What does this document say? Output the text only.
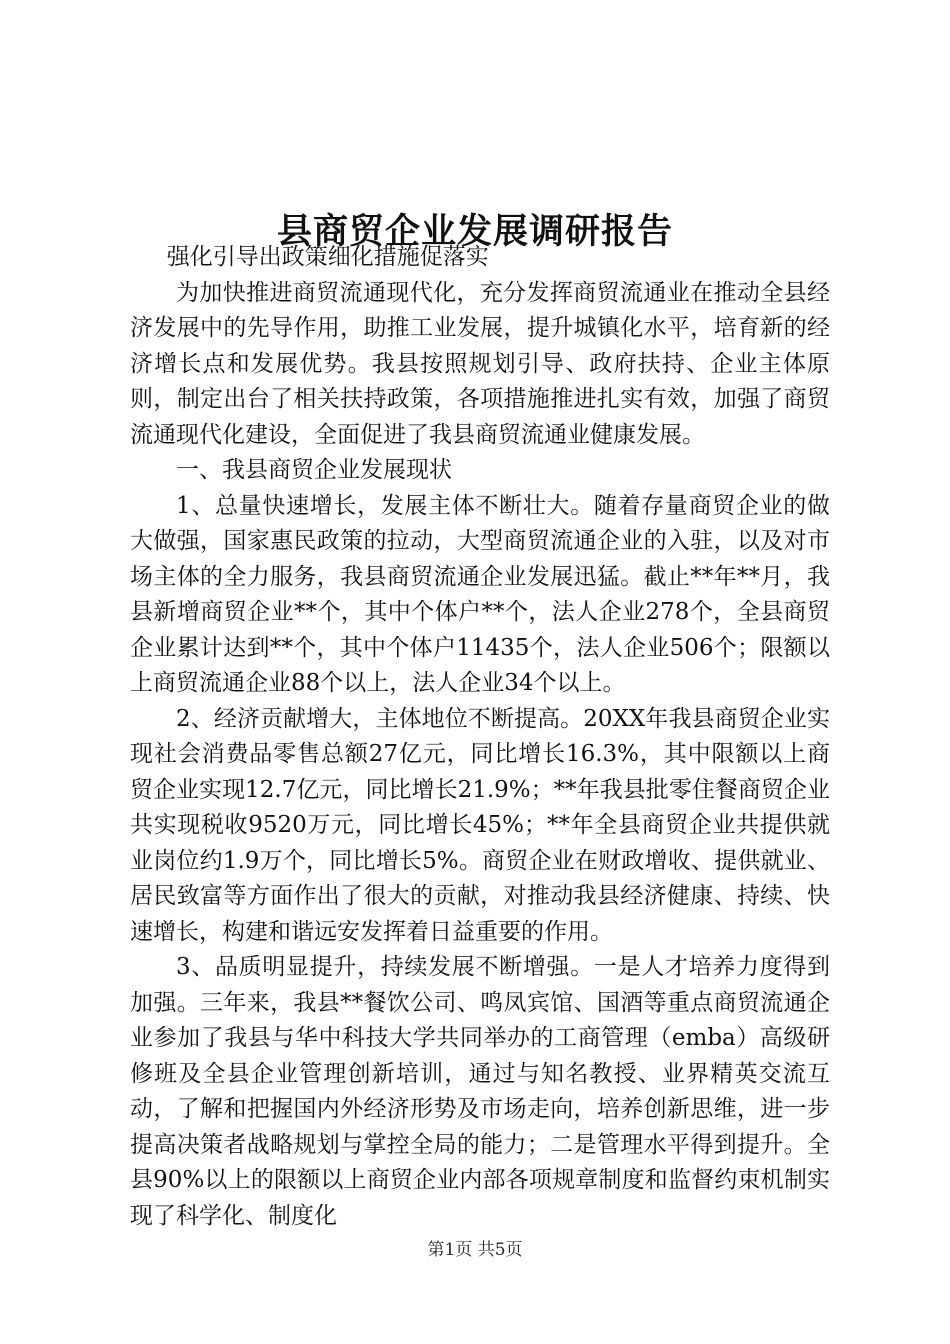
县商贸企业发展调研报告

强化引导出政策细化措施促落实

为加快推进商贸流通现代化，充分发挥商贸流通业在推动全县经济发展中的先导作用，助推工业发展，提升城镇化水平，培育新的经济增长点和发展优势。我县按照规划引导、政府扶持、企业主体原则，制定出台了相关扶持政策，各项措施推进扎实有效，加强了商贸流通现代化建设，全面促进了我县商贸流通业健康发展。

一、我县商贸企业发展现状

1、总量快速增长，发展主体不断壮大。随着存量商贸企业的做大做强，国家惠民政策的拉动，大型商贸流通企业的入驻，以及对市场主体的全力服务，我县商贸流通企业发展迅猛。截止**年**月，我县新增商贸企业**个，其中个体户**个，法人企业278个，全县商贸企业累计达到**个，其中个体户11435个，法人企业506个；限额以上商贸流通企业88个以上，法人企业34个以上。

2、经济贡献增大，主体地位不断提高。20XX年我县商贸企业实现社会消费品零售总额27亿元，同比增长16.3%，其中限额以上商贸企业实现12.7亿元，同比增长21.9%；**年我县批零住餐商贸企业共实现税收9520万元，同比增长45%；**年全县商贸企业共提供就业岗位约1.9万个，同比增长5%。商贸企业在财政增收、提供就业、居民致富等方面作出了很大的贡献，对推动我县经济健康、持续、快速增长，构建和谐远安发挥着日益重要的作用。

3、品质明显提升，持续发展不断增强。一是人才培养力度得到加强。三年来，我县**餐饮公司、鸣凤宾馆、国酒等重点商贸流通企业参加了我县与华中科技大学共同举办的工商管理（emba）高级研修班及全县企业管理创新培训，通过与知名教授、业界精英交流互动，了解和把握国内外经济形势及市场走向，培养创新思维，进一步提高决策者战略规划与掌控全局的能力；二是管理水平得到提升。全县90%以上的限额以上商贸企业内部各项规章制度和监督约束机制实现了科学化、制度化

第1页 共5页
